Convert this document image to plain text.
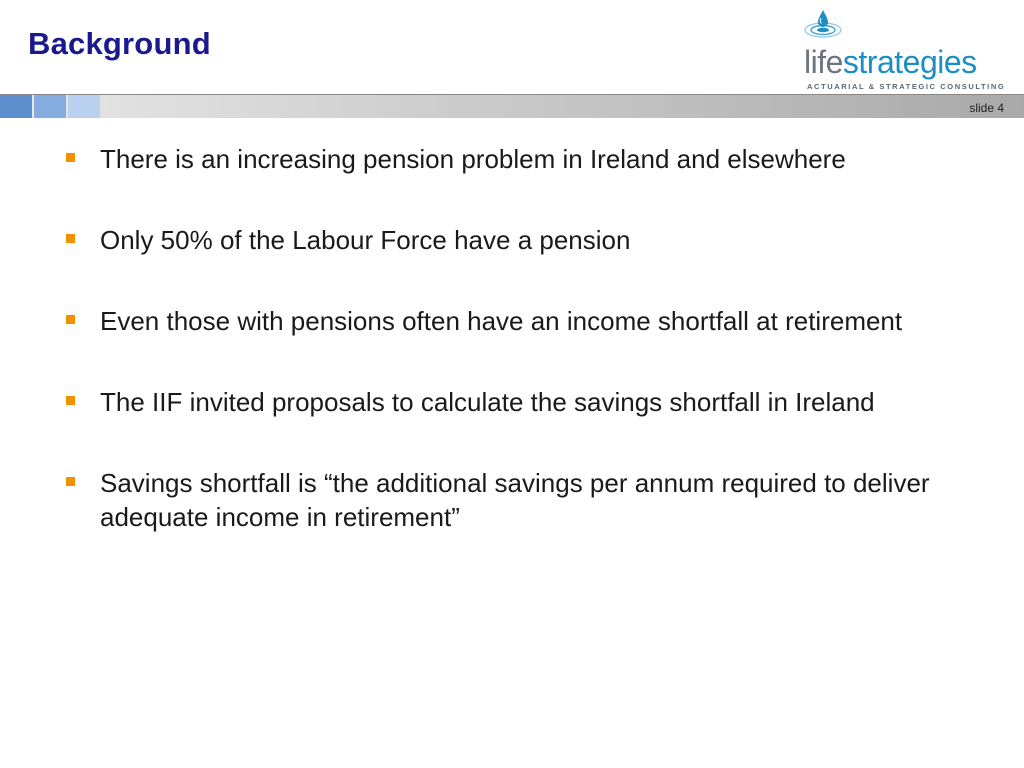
Background
lifestrategies
ACTUARIAL & STRATEGIC CONSULTING
slide 4
There is an increasing pension problem in Ireland and elsewhere
Only 50% of the Labour Force have a pension
Even those with pensions often have an income shortfall at retirement
The IIF invited proposals to calculate the savings shortfall in Ireland
Savings shortfall is “the additional savings per annum required to deliver adequate income in retirement”
